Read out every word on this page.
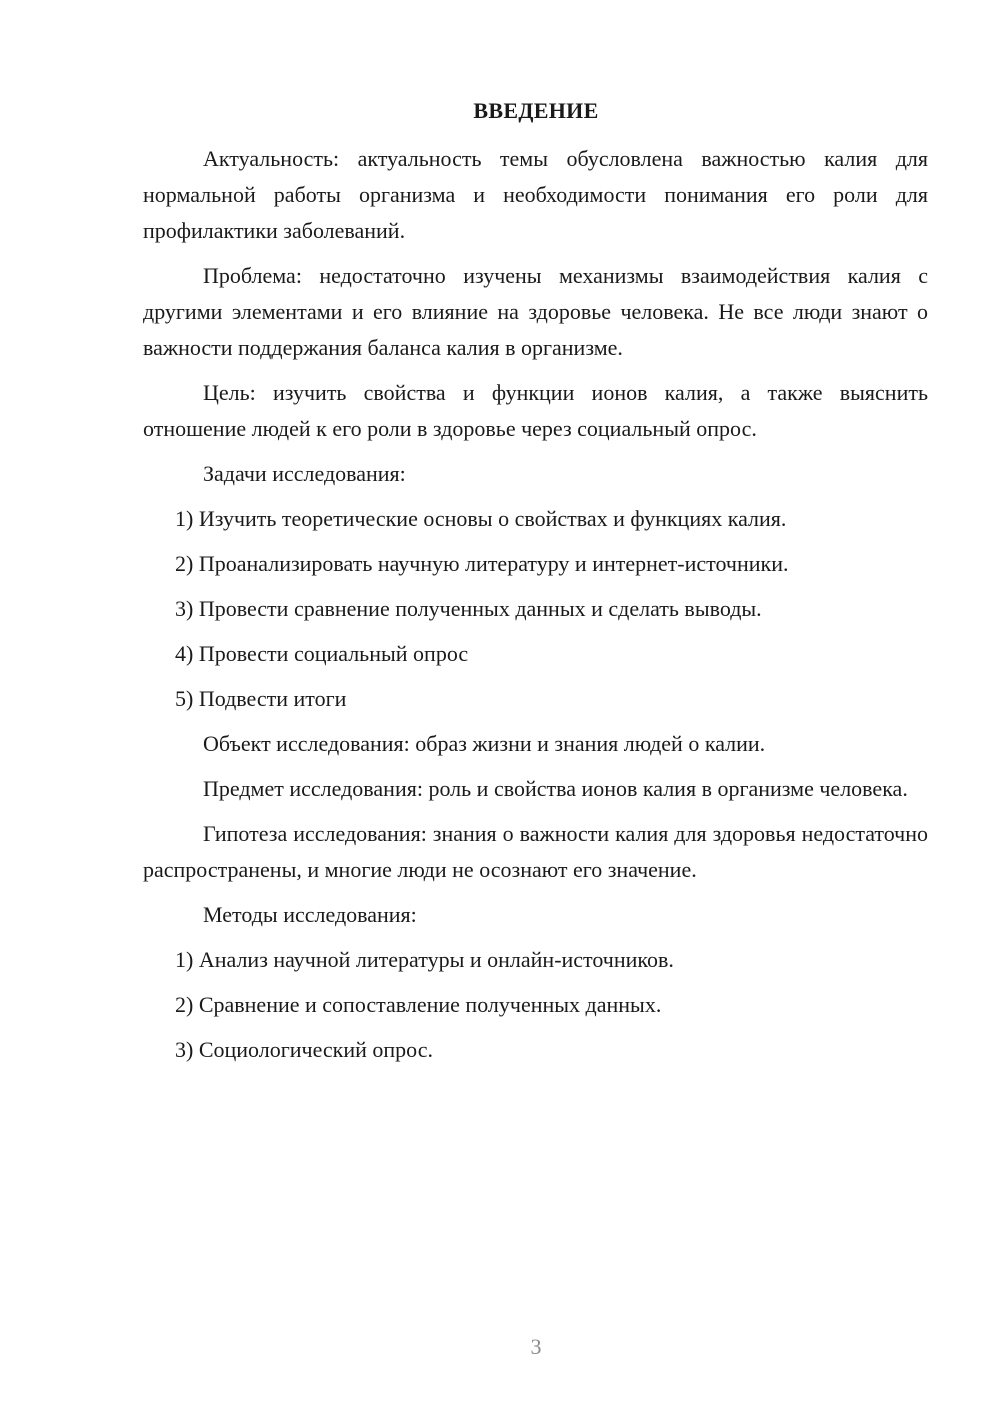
ВВЕДЕНИЕ

Актуальность: актуальность темы обусловлена важностью калия для нормальной работы организма и необходимости понимания его роли для профилактики заболеваний.

Проблема: недостаточно изучены механизмы взаимодействия калия с другими элементами и его влияние на здоровье человека. Не все люди знают о важности поддержания баланса калия в организме.

Цель: изучить свойства и функции ионов калия, а также выяснить отношение людей к его роли в здоровье через социальный опрос.

Задачи исследования:

1) Изучить теоретические основы о свойствах и функциях калия.

2) Проанализировать научную литературу и интернет-источники.

3) Провести сравнение полученных данных и сделать выводы.

4) Провести социальный опрос

5) Подвести итоги

Объект исследования: образ жизни и знания людей о калии.

Предмет исследования: роль и свойства ионов калия в организме человека.

Гипотеза исследования: знания о важности калия для здоровья недостаточно распространены, и многие люди не осознают его значение.

Методы исследования:

1) Анализ научной литературы и онлайн-источников.

2) Сравнение и сопоставление полученных данных.

3) Социологический опрос.

3
